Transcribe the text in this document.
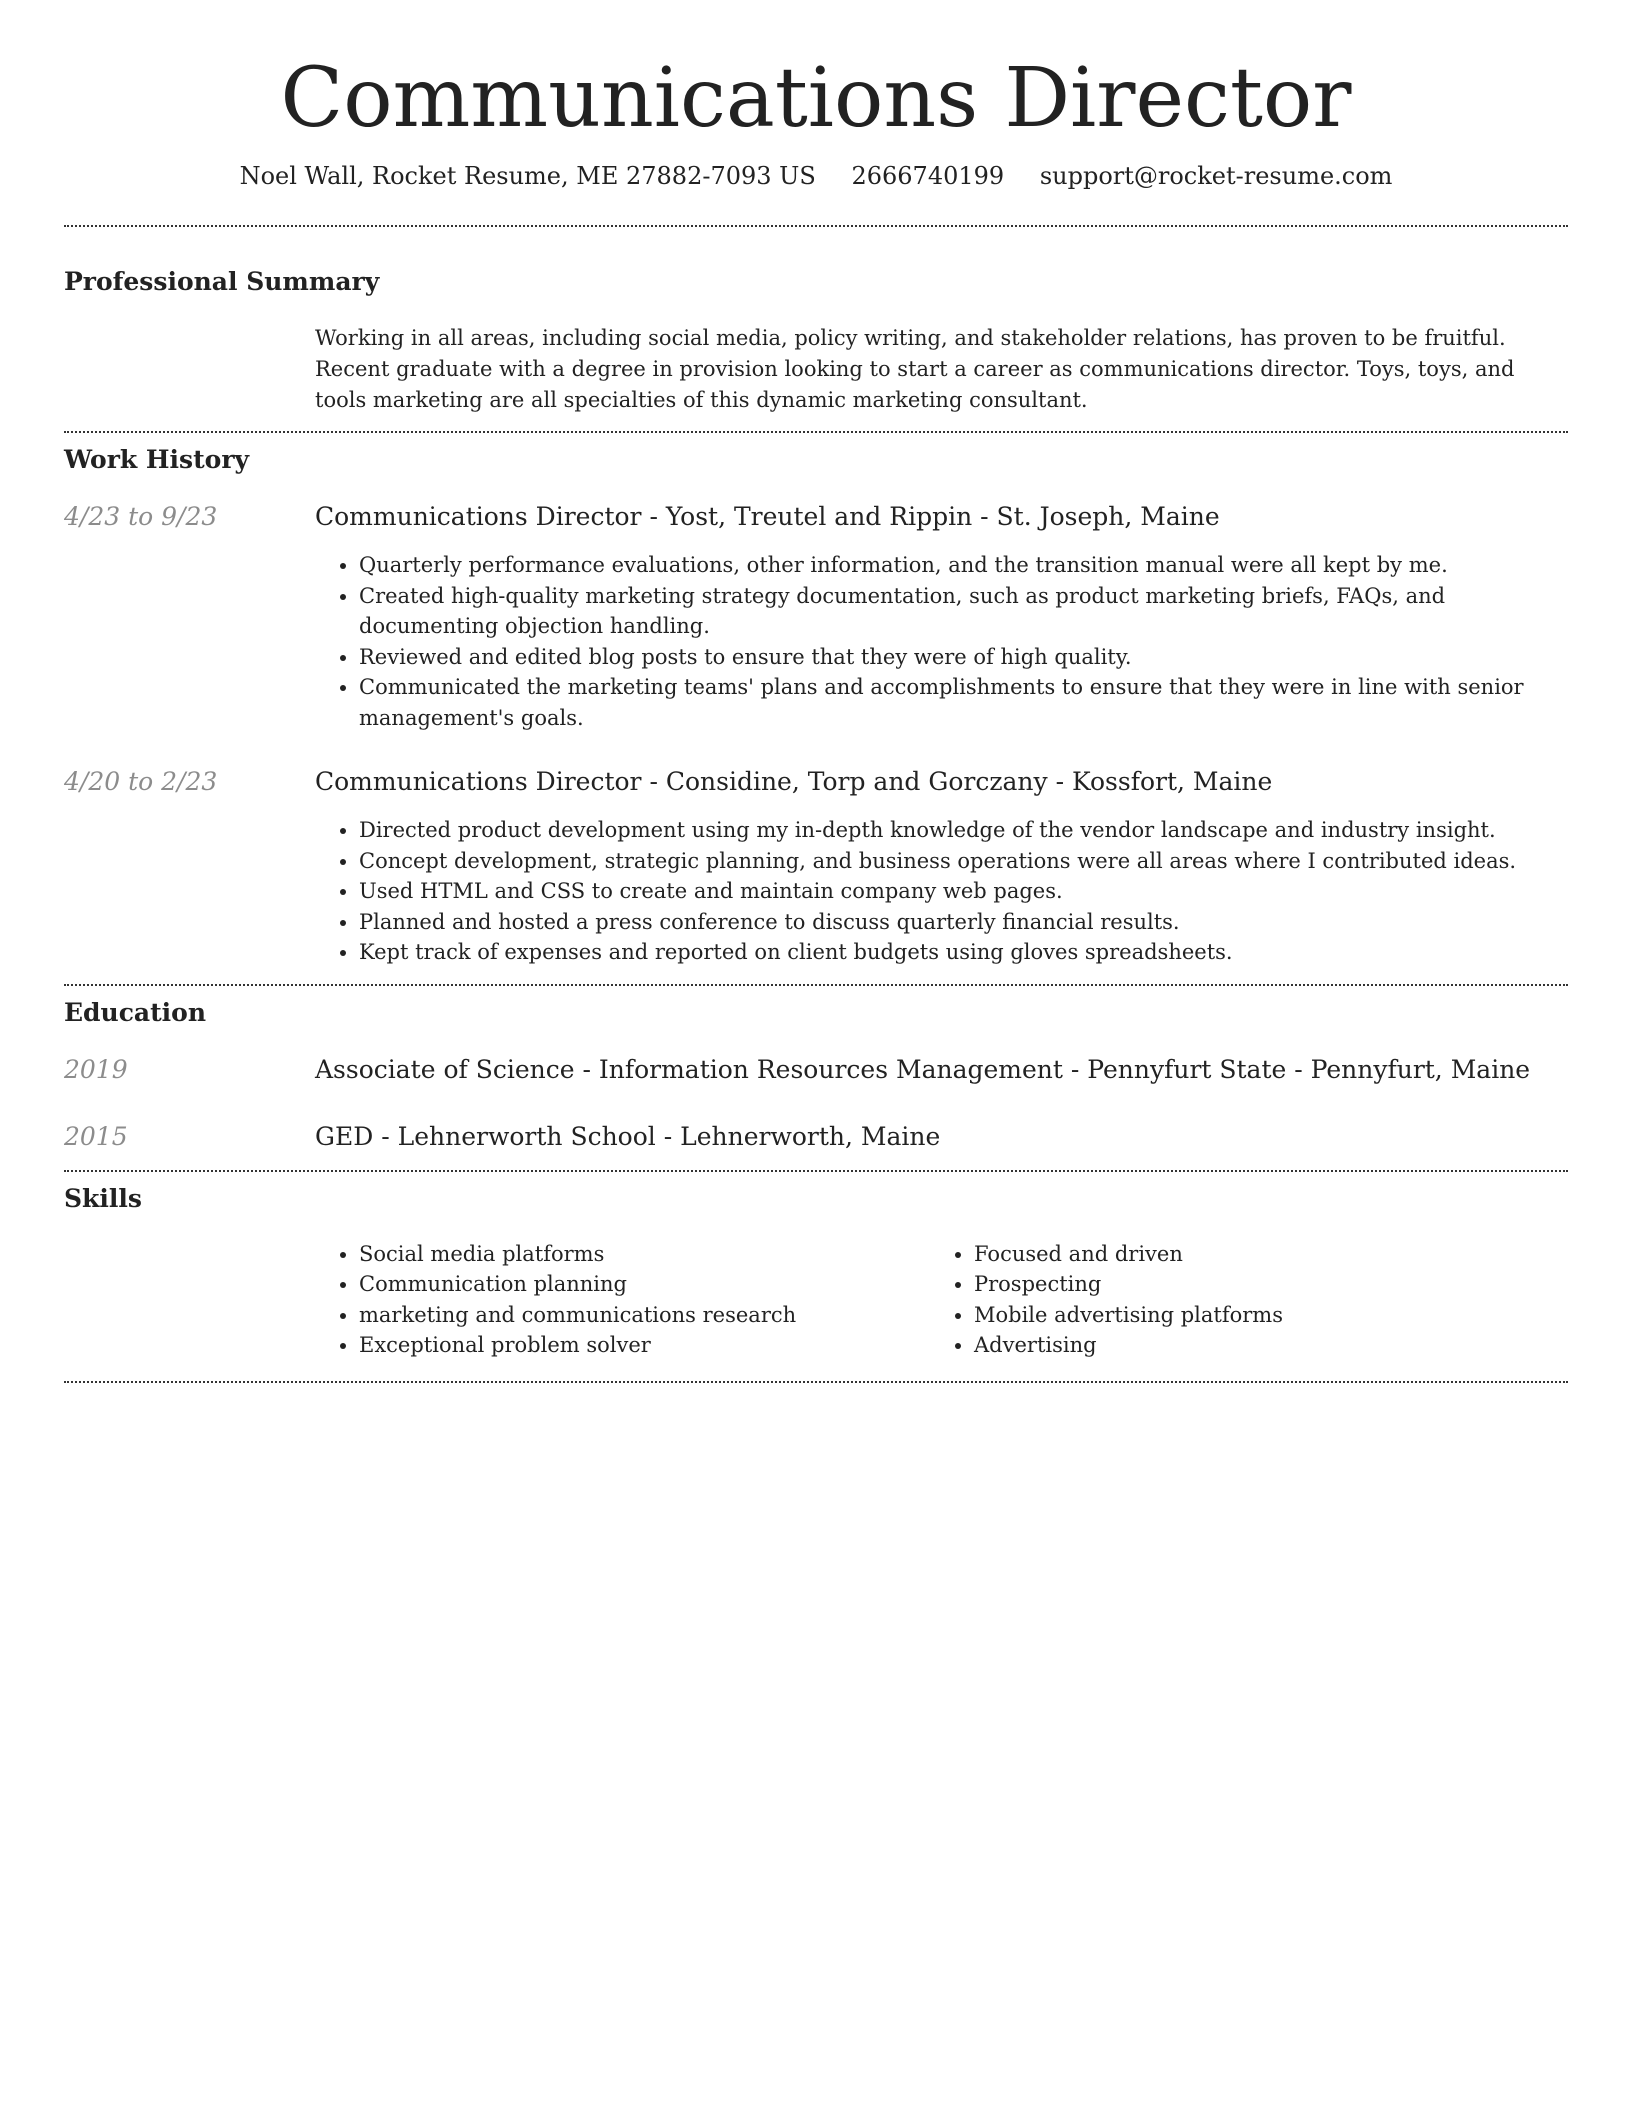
Communications Director
Noel Wall, Rocket Resume, ME 27882-7093 US 2666740199 support@rocket-resume.com
Professional Summary

Working in all areas, including social media, policy writing, and stakeholder relations, has proven to be fruitful. Recent graduate with a degree in provision looking to start a career as communications director. Toys, toys, and tools marketing are all specialties of this dynamic marketing consultant.

Work History
4/23 to 9/23	Communications Director - Yost, Treutel and Rippin - St. Joseph, Maine
• Quarterly performance evaluations, other information, and the transition manual were all kept by me.
• Created high-quality marketing strategy documentation, such as product marketing briefs, FAQs, and documenting objection handling.
• Reviewed and edited blog posts to ensure that they were of high quality.
• Communicated the marketing teams' plans and accomplishments to ensure that they were in line with senior management's goals.
4/20 to 2/23	Communications Director - Considine, Torp and Gorczany - Kossfort, Maine
• Directed product development using my in-depth knowledge of the vendor landscape and industry insight.
• Concept development, strategic planning, and business operations were all areas where I contributed ideas.
• Used HTML and CSS to create and maintain company web pages.
• Planned and hosted a press conference to discuss quarterly financial results.
• Kept track of expenses and reported on client budgets using gloves spreadsheets.
Education
2019	Associate of Science - Information Resources Management - Pennyfurt State - Pennyfurt, Maine
2015	GED - Lehnerworth School - Lehnerworth, Maine
Skills
• Social media platforms
• Communication planning
• marketing and communications research
• Exceptional problem solver
• Focused and driven
• Prospecting
• Mobile advertising platforms
• Advertising
